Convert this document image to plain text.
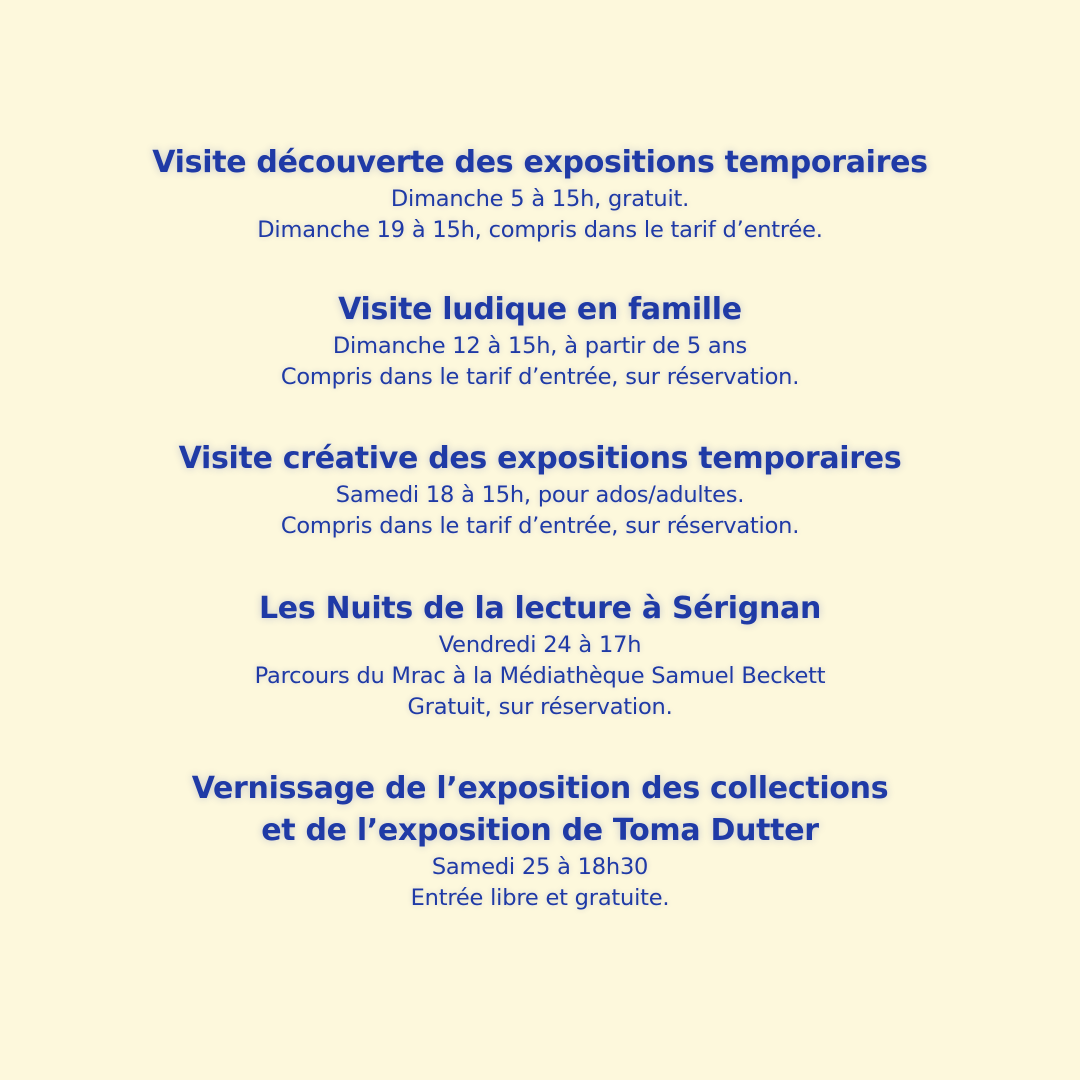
Visite découverte des expositions temporaires
Dimanche 5 à 15h, gratuit.
Dimanche 19 à 15h, compris dans le tarif d’entrée.
Visite ludique en famille
Dimanche 12 à 15h, à partir de 5 ans
Compris dans le tarif d’entrée, sur réservation.
Visite créative des expositions temporaires
Samedi 18 à 15h, pour ados/adultes.
Compris dans le tarif d’entrée, sur réservation.
Les Nuits de la lecture à Sérignan
Vendredi 24 à 17h
Parcours du Mrac à la Médiathèque Samuel Beckett
Gratuit, sur réservation.
Vernissage de l’exposition des collections
et de l’exposition de Toma Dutter
Samedi 25 à 18h30
Entrée libre et gratuite.
